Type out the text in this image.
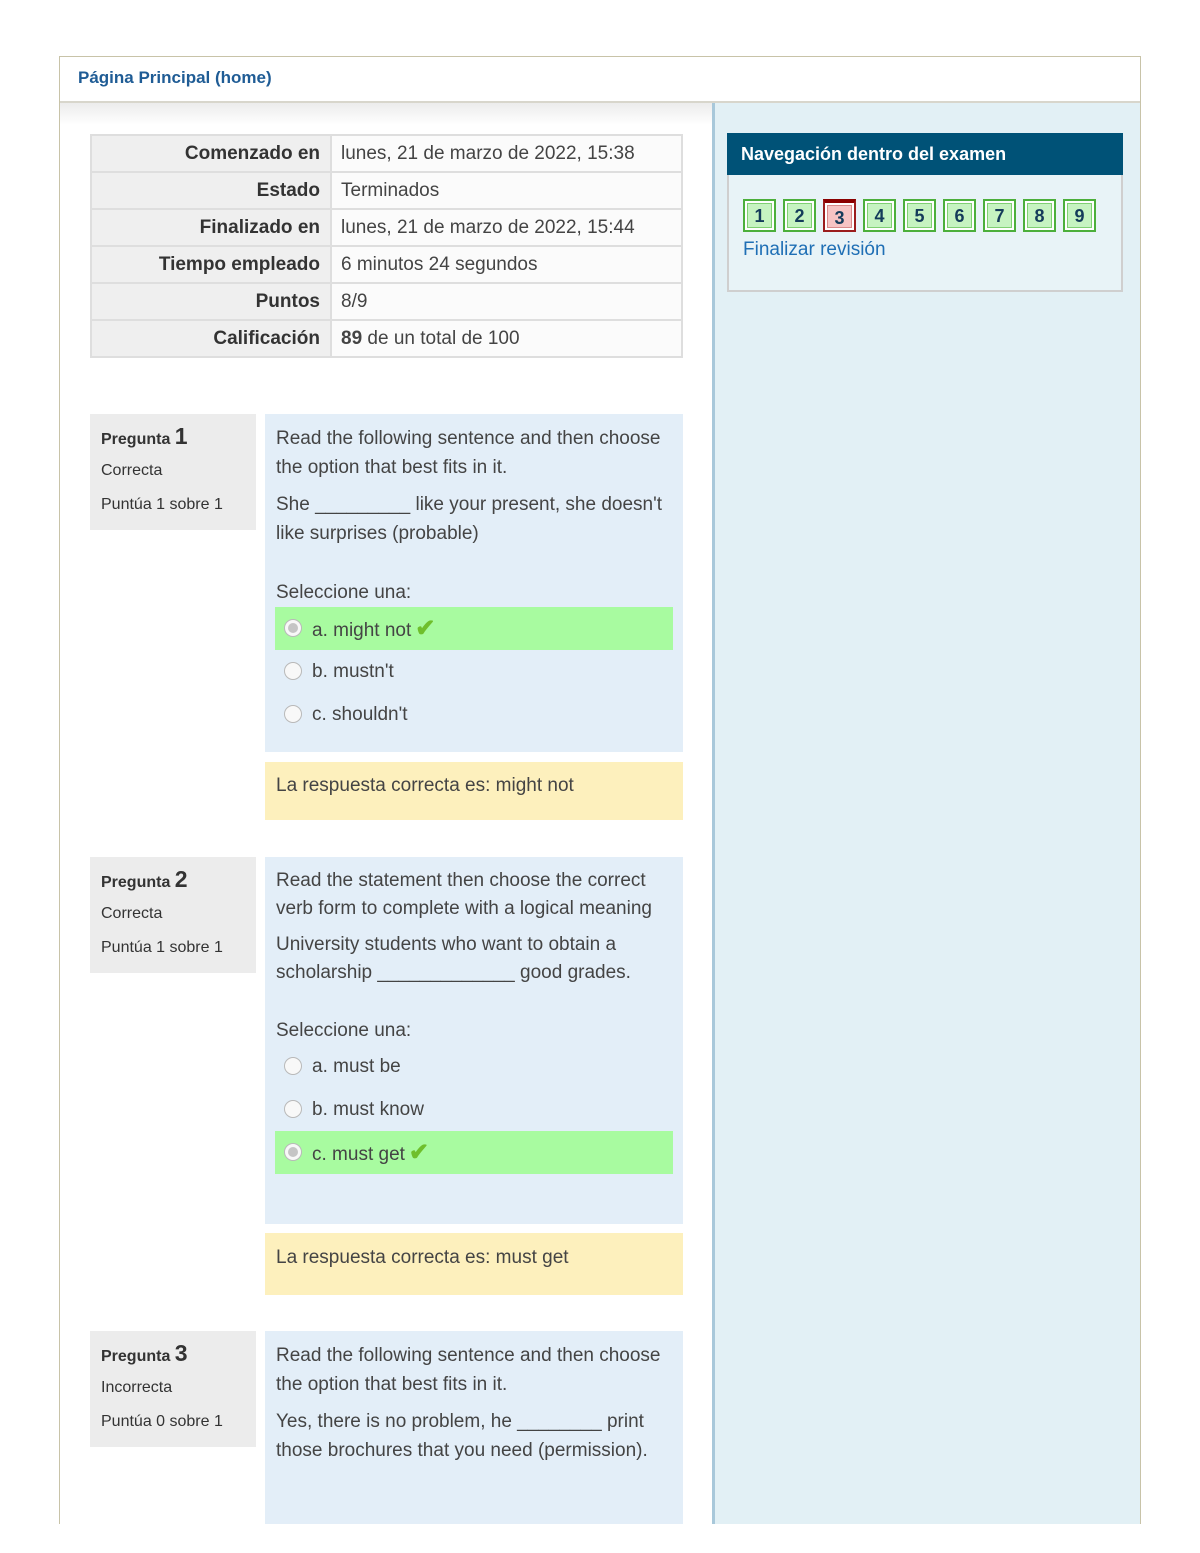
Página Principal (home)
Comenzado en	lunes, 21 de marzo de 2022, 15:38
Estado	Terminados
Finalizado en	lunes, 21 de marzo de 2022, 15:44
Tiempo empleado	6 minutos 24 segundos
Puntos	8/9
Calificación	89 de un total de 100
Pregunta 1
Correcta
Puntúa 1 sobre 1

Read the following sentence and then choose the option that best fits in it.

She _________ like your present, she doesn't like surprises (probable)

Seleccione una:
a. might not ✔
b. mustn't
c. shouldn't
La respuesta correcta es: might not
Pregunta 2
Correcta
Puntúa 1 sobre 1

Read the statement then choose the correct verb form to complete with a logical meaning

University students who want to obtain a scholarship _____________ good grades.

Seleccione una:
a. must be
b. must know
c. must get ✔
La respuesta correcta es: must get
Pregunta 3
Incorrecta
Puntúa 0 sobre 1

Read the following sentence and then choose the option that best fits in it.

Yes, there is no problem, he ________ print those brochures that you need (permission).

Navegación dentro del examen
1	2	3	4	5	6	7	8	9
Finalizar revisión
